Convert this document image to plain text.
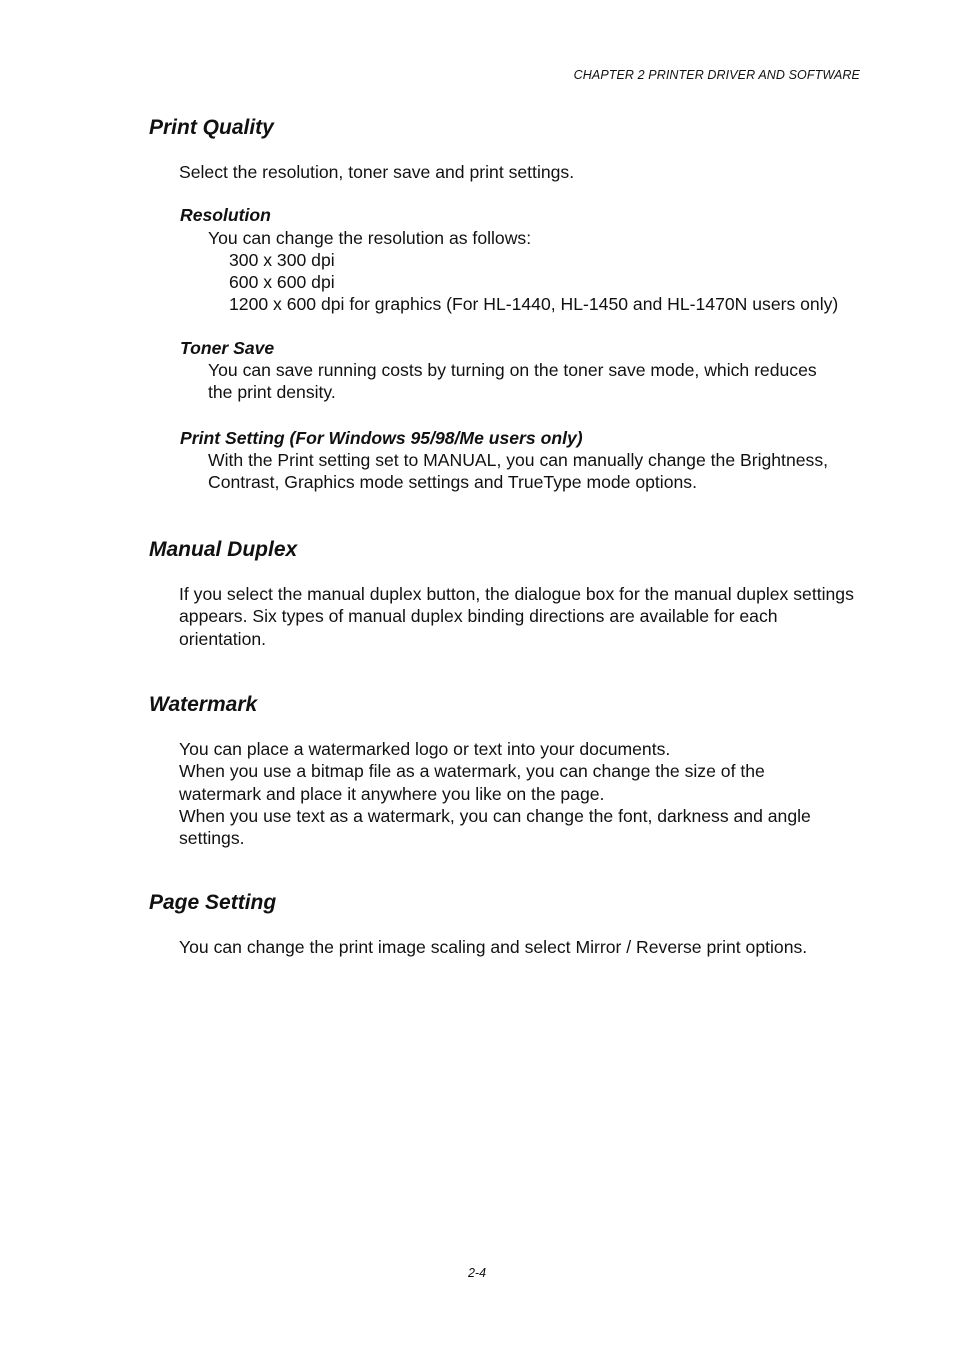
CHAPTER 2 PRINTER DRIVER AND SOFTWARE

Print Quality

Select the resolution, toner save and print settings.

Resolution

You can change the resolution as follows:

300 x 300 dpi

600 x 600 dpi

1200 x 600 dpi for graphics (For HL-1440, HL-1450 and HL-1470N users only)

Toner Save

You can save running costs by turning on the toner save mode, which reduces the print density.

Print Setting (For Windows 95/98/Me users only)

With the Print setting set to MANUAL, you can manually change the Brightness, Contrast, Graphics mode settings and TrueType mode options.

Manual Duplex

If you select the manual duplex button, the dialogue box for the manual duplex settings appears. Six types of manual duplex binding directions are available for each orientation.

Watermark

You can place a watermarked logo or text into your documents.

When you use a bitmap file as a watermark, you can change the size of the watermark and place it anywhere you like on the page.

When you use text as a watermark, you can change the font, darkness and angle settings.

Page Setting

You can change the print image scaling and select Mirror / Reverse print options.

2-4
